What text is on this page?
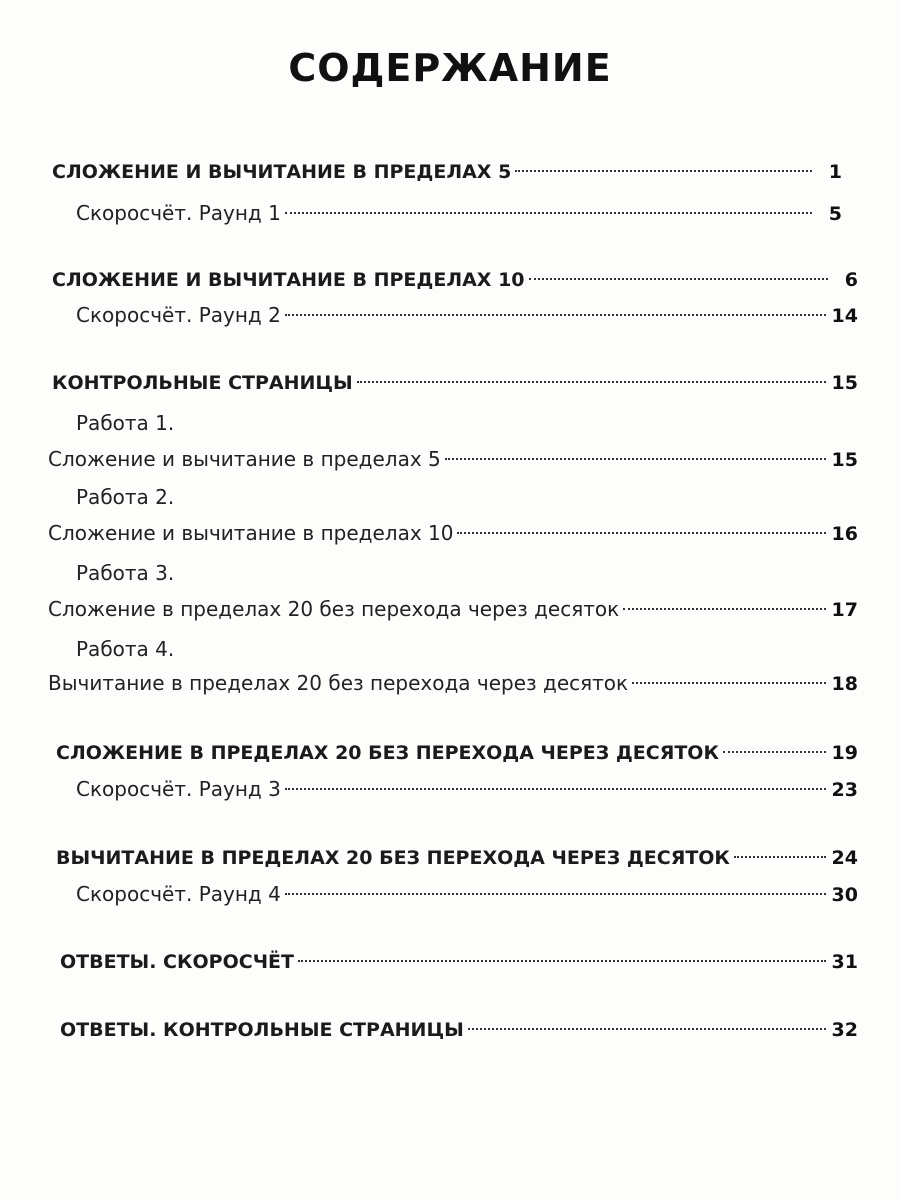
СОДЕРЖАНИЕ
СЛОЖЕНИЕ И ВЫЧИТАНИЕ В ПРЕДЕЛАХ 5	1
Скоросчёт. Раунд 1	5
СЛОЖЕНИЕ И ВЫЧИТАНИЕ В ПРЕДЕЛАХ 10	6
Скоросчёт. Раунд 2	14
КОНТРОЛЬНЫЕ СТРАНИЦЫ	15
Работа 1.
Сложение и вычитание в пределах 5	15
Работа 2.
Сложение и вычитание в пределах 10	16
Работа 3.
Сложение в пределах 20 без перехода через десяток	17
Работа 4.
Вычитание в пределах 20 без перехода через десяток	18
СЛОЖЕНИЕ В ПРЕДЕЛАХ 20 БЕЗ ПЕРЕХОДА ЧЕРЕЗ ДЕСЯТОК	19
Скоросчёт. Раунд 3	23
ВЫЧИТАНИЕ В ПРЕДЕЛАХ 20 БЕЗ ПЕРЕХОДА ЧЕРЕЗ ДЕСЯТОК	24
Скоросчёт. Раунд 4	30
ОТВЕТЫ. СКОРОСЧЁТ	31
ОТВЕТЫ. КОНТРОЛЬНЫЕ СТРАНИЦЫ	32
